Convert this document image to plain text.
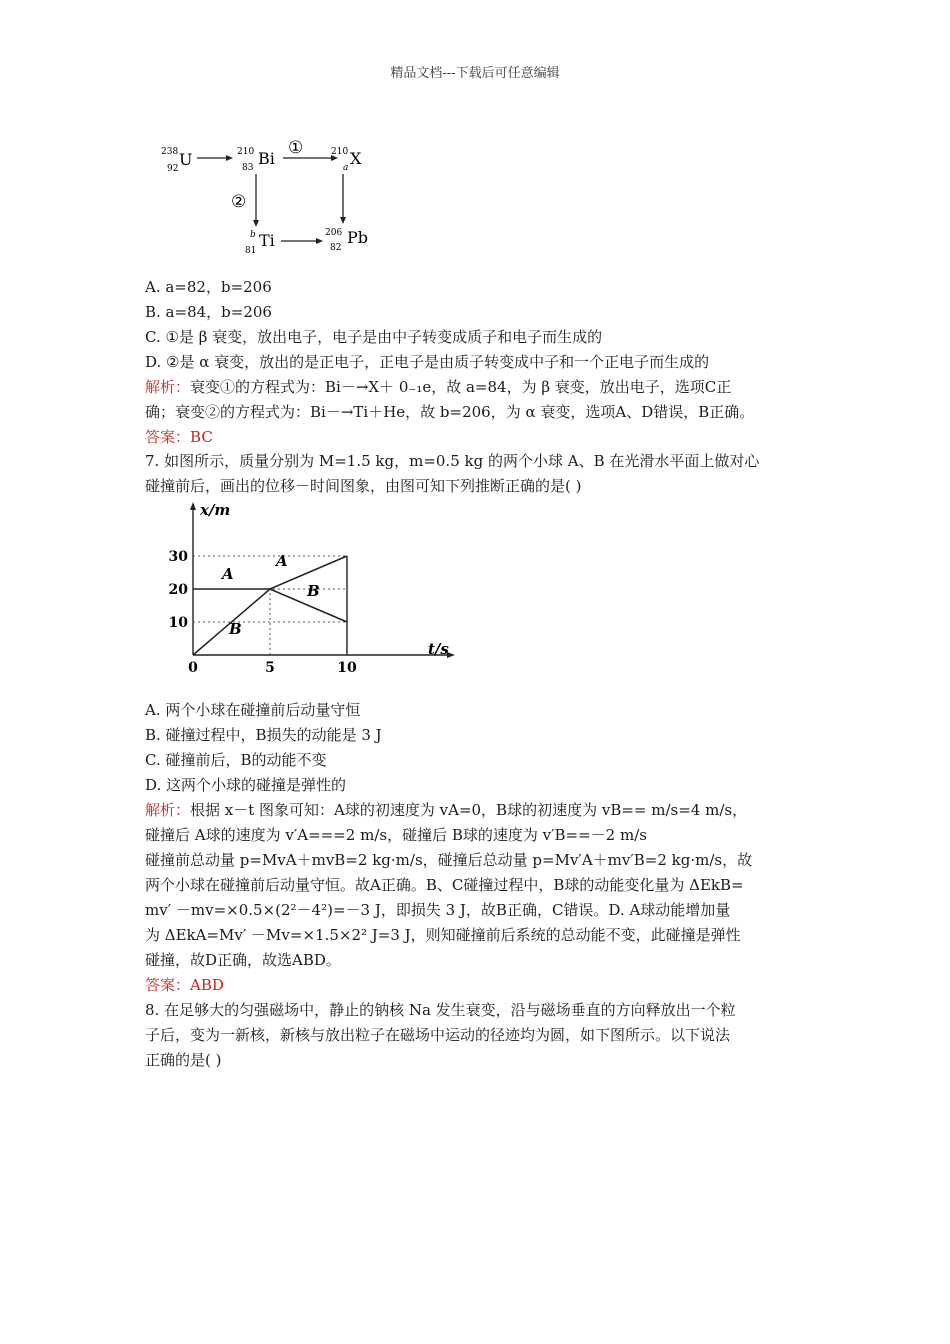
精品文档---下载后可任意编辑
238
92 U	210
83 Bi
①	210
a X
②
b
81
Ti	206
82
Pb
A. a=82，b=206
B. a=84，b=206
C. ①是 β 衰变，放出电子，电子是由中子转变成质子和电子而生成的
D. ②是 α 衰变，放出的是正电子，正电子是由质子转变成中子和一个正电子而生成的
解析：衰变①的方程式为：Bi－→X＋ 0₋₁e，故 a=84，为 β 衰变，放出电子，选项C正
确；衰变②的方程式为：Bi－→Ti＋He，故 b=206，为 α 衰变，选项A、D错误，B正确。
答案：BC
7. 如图所示，质量分别为 M=1.5 kg，m=0.5 kg 的两个小球 A、B 在光滑水平面上做对心
碰撞前后，画出的位移－时间图象，由图可知下列推断正确的是( )
x/m
t/s
10
20
30
0	5	10
A
A
B
B
A. 两个小球在碰撞前后动量守恒
B. 碰撞过程中，B损失的动能是 3 J
C. 碰撞前后，B的动能不变
D. 这两个小球的碰撞是弹性的
解析：根据 x－t 图象可知：A球的初速度为 vA=0，B球的初速度为 vB== m/s=4 m/s，
碰撞后 A球的速度为 v′A===2 m/s，碰撞后 B球的速度为 v′B==－2 m/s
碰撞前总动量 p=MvA＋mvB=2 kg·m/s，碰撞后总动量 p=Mv′A＋mv′B=2 kg·m/s，故
两个小球在碰撞前后动量守恒。故A正确。B、C碰撞过程中，B球的动能变化量为 ΔEkB=
mv′ －mv=×0.5×(2²－4²)=－3 J，即损失 3 J，故B正确，C错误。D. A球动能增加量
为 ΔEkA=Mv′ －Mv=×1.5×2² J=3 J，则知碰撞前后系统的总动能不变，此碰撞是弹性
碰撞，故D正确，故选ABD。
答案：ABD
8. 在足够大的匀强磁场中，静止的钠核 Na 发生衰变，沿与磁场垂直的方向释放出一个粒
子后，变为一新核，新核与放出粒子在磁场中运动的径迹均为圆，如下图所示。以下说法
正确的是( )
